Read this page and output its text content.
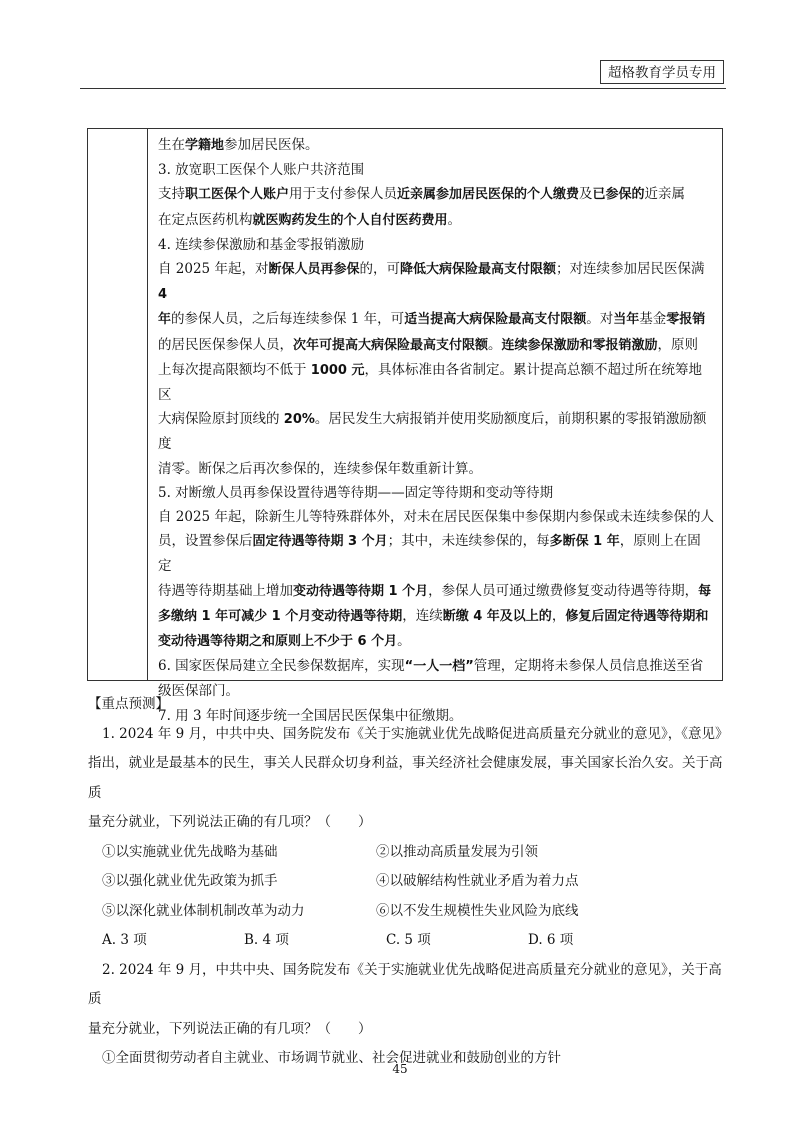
超格教育学员专用

生在学籍地参加居民医保。

3. 放宽职工医保个人账户共济范围

支持职工医保个人账户用于支付参保人员近亲属参加居民医保的个人缴费及已参保的近亲属

在定点医药机构就医购药发生的个人自付医药费用。

4. 连续参保激励和基金零报销激励

自 2025 年起，对断保人员再参保的，可降低大病保险最高支付限额；对连续参加居民医保满 4

年的参保人员，之后每连续参保 1 年，可适当提高大病保险最高支付限额。对当年基金零报销

的居民医保参保人员，次年可提高大病保险最高支付限额。连续参保激励和零报销激励，原则

上每次提高限额均不低于 1000 元，具体标准由各省制定。累计提高总额不超过所在统筹地区

大病保险原封顶线的 20%。居民发生大病报销并使用奖励额度后，前期积累的零报销激励额度

清零。断保之后再次参保的，连续参保年数重新计算。

5. 对断缴人员再参保设置待遇等待期——固定等待期和变动等待期

自 2025 年起，除新生儿等特殊群体外，对未在居民医保集中参保期内参保或未连续参保的人

员，设置参保后固定待遇等待期 3 个月；其中，未连续参保的，每多断保 1 年，原则上在固定

待遇等待期基础上增加变动待遇等待期 1 个月，参保人员可通过缴费修复变动待遇等待期，每

多缴纳 1 年可减少 1 个月变动待遇等待期，连续断缴 4 年及以上的，修复后固定待遇等待期和

变动待遇等待期之和原则上不少于 6 个月。

6. 国家医保局建立全民参保数据库，实现“一人一档”管理，定期将未参保人员信息推送至省

级医保部门。

7. 用 3 年时间逐步统一全国居民医保集中征缴期。

【重点预测】

1. 2024 年 9 月，中共中央、国务院发布《关于实施就业优先战略促进高质量充分就业的意见》，《意见》

指出，就业是最基本的民生，事关人民群众切身利益，事关经济社会健康发展，事关国家长治久安。关于高质

量充分就业，下列说法正确的有几项？（　　）

①以实施就业优先战略为基础	②以推动高质量发展为引领
③以强化就业优先政策为抓手	④以破解结构性就业矛盾为着力点
⑤以深化就业体制机制改革为动力	⑥以不发生规模性失业风险为底线
A. 3 项	B. 4 项	C. 5 项	D. 6 项

2. 2024 年 9 月，中共中央、国务院发布《关于实施就业优先战略促进高质量充分就业的意见》，关于高质

量充分就业，下列说法正确的有几项？（　　）

①全面贯彻劳动者自主就业、市场调节就业、社会促进就业和鼓励创业的方针

45
